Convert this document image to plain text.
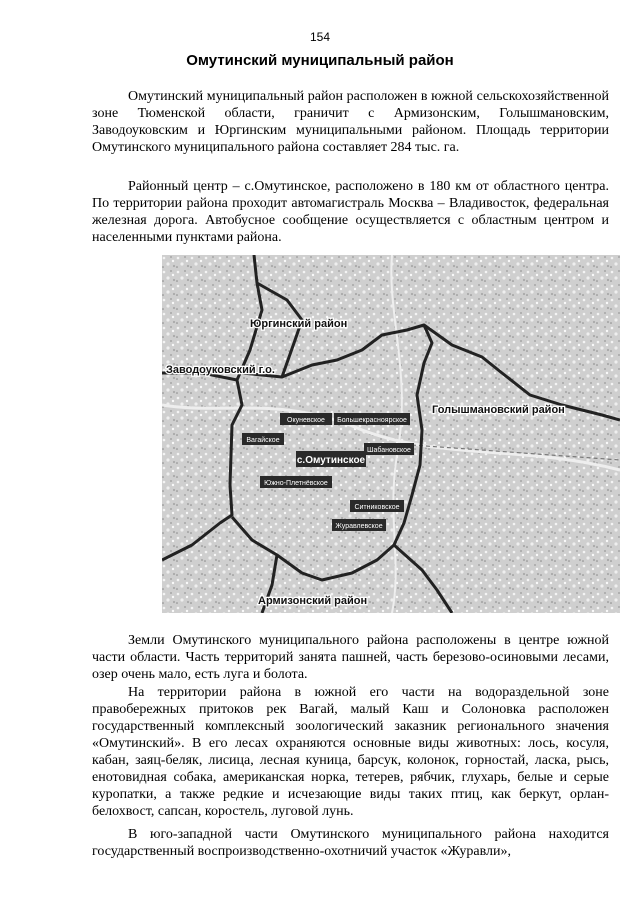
154
Омутинский муниципальный район

Омутинский муниципальный район расположен в южной сельскохозяйственной зоне Тюменской области, граничит с Армизонским, Голышмановским, Заводоуковским и Юргинским муниципальными районом. Площадь территории Омутинского муниципального района составляет 284 тыс. га.

Районный центр – с.Омутинское, расположено в 180 км от областного центра. По территории района проходит автомагистраль Москва – Владивосток, федеральная железная дорога. Автобусное сообщение осуществляется с областным центром и населенными пунктами района.

Юргинский район
Заводоуковский г.о.
Голышмановский район
Армизонский район
Окуневское Большекрасноярское
Вагайское
Шабановское
с.Омутинское
Южно-Плетнёвское
Ситниковское
Журавлевское

Земли Омутинского муниципального района расположены в центре южной части области. Часть территорий занята пашней, часть березово-осиновыми лесами, озер очень мало, есть луга и болота.

На территории района в южной его части на водораздельной зоне правобережных притоков рек Вагай, малый Каш и Солоновка расположен государственный комплексный зоологический заказник регионального значения «Омутинский». В его лесах охраняются основные виды животных: лось, косуля, кабан, заяц-беляк, лисица, лесная куница, барсук, колонок, горностай, ласка, рысь, енотовидная собака, американская норка, тетерев, рябчик, глухарь, белые и серые куропатки, а также редкие и исчезающие виды таких птиц, как беркут, орлан-белохвост, сапсан, коростель, луговой лунь.

В юго-западной части Омутинского муниципального района находится государственный воспроизводственно-охотничий участок «Журавли»,
